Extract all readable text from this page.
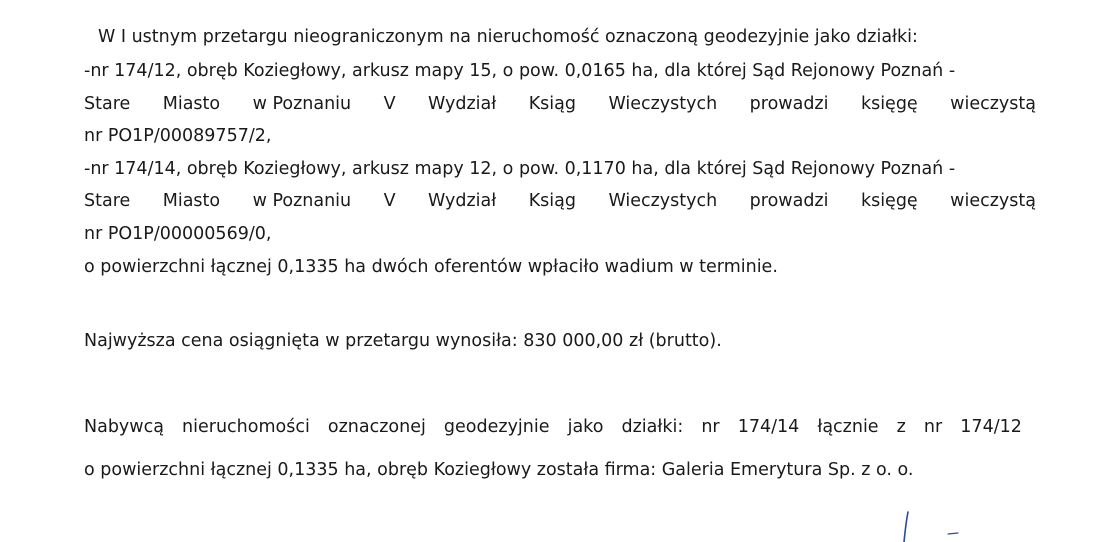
W I ustnym przetargu nieograniczonym na nieruchomość oznaczoną geodezyjnie jako działki:
-nr 174/12, obręb Koziegłowy, arkusz mapy 15, o pow. 0,0165 ha, dla której Sąd Rejonowy Poznań -
Stare Miasto w Poznaniu V Wydział Ksiąg Wieczystych prowadzi księgę wieczystą
nr PO1P/00089757/2,
-nr 174/14, obręb Koziegłowy, arkusz mapy 12, o pow. 0,1170 ha, dla której Sąd Rejonowy Poznań -
Stare Miasto w Poznaniu V Wydział Ksiąg Wieczystych prowadzi księgę wieczystą
nr PO1P/00000569/0,
o powierzchni łącznej 0,1335 ha dwóch oferentów wpłaciło wadium w terminie.
Najwyższa cena osiągnięta w przetargu wynosiła: 830 000,00 zł (brutto).
Nabywcą nieruchomości oznaczonej geodezyjnie jako działki: nr 174/14 łącznie z nr 174/12
o powierzchni łącznej 0,1335 ha, obręb Koziegłowy została firma: Galeria Emerytura Sp. z o. o.
